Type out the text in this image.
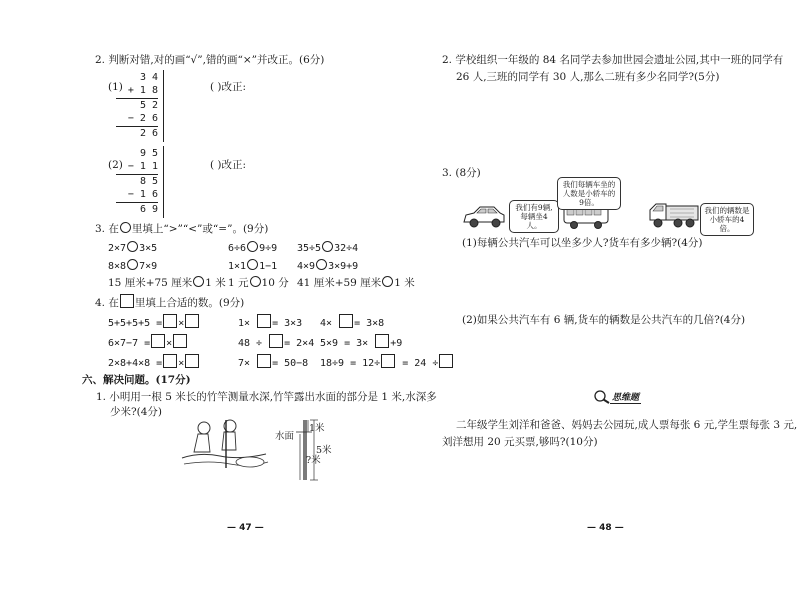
2. 判断对错,对的画“√”,错的画“×”并改正。(6分)
(1)
3 4
+ 1 8
5 2
− 2 6
2 6
( )改正:
(2)
9 5
− 1 1
8 5
− 1 6
6 9
( )改正:
3. 在 里填上“>”“<”或“=”。(9分)
2×7 3×5	6÷6 9÷9 35÷5 32÷4
8×8 7×9	1×1 1−1 4×9 3×9+9
15 厘米+75 厘米 1 米 1 元 10 分 41 厘米+59 厘米 1 米
4. 在 里填上合适的数。(9分)
5+5+5+5 = ×	1× = 3×3 4× = 3×8
6×7−7 = ×	48 ÷ = 2×4 5×9 = 3× +9
2×8+4×8 = ×	7× = 50−8 18÷9 = 12÷ = 24 ÷
六、解决问题。(17分)
1. 小明用一根 5 米长的竹竿测量水深,竹竿露出水面的部分是 1 米,水深多
少米?(4分)
水面
1米
5米
?米
— 47 —
2. 学校组织一年级的 84 名同学去参加世园会遗址公园,其中一班的同学有
26 人,三班的同学有 30 人,那么二班有多少名同学?(5分)
3. (8分)
我们有9辆,每辆坐4人。
我们每辆车坐的人数是小轿车的9倍。
我们的辆数是小轿车的4倍。
(1)每辆公共汽车可以坐多少人?货车有多少辆?(4分)
(2)如果公共汽车有 6 辆,货车的辆数是公共汽车的几倍?(4分)
思维题
二年级学生刘洋和爸爸、妈妈去公园玩,成人票每张 6 元,学生票每张 3 元,
刘洋想用 20 元买票,够吗?(10分)
— 48 —
